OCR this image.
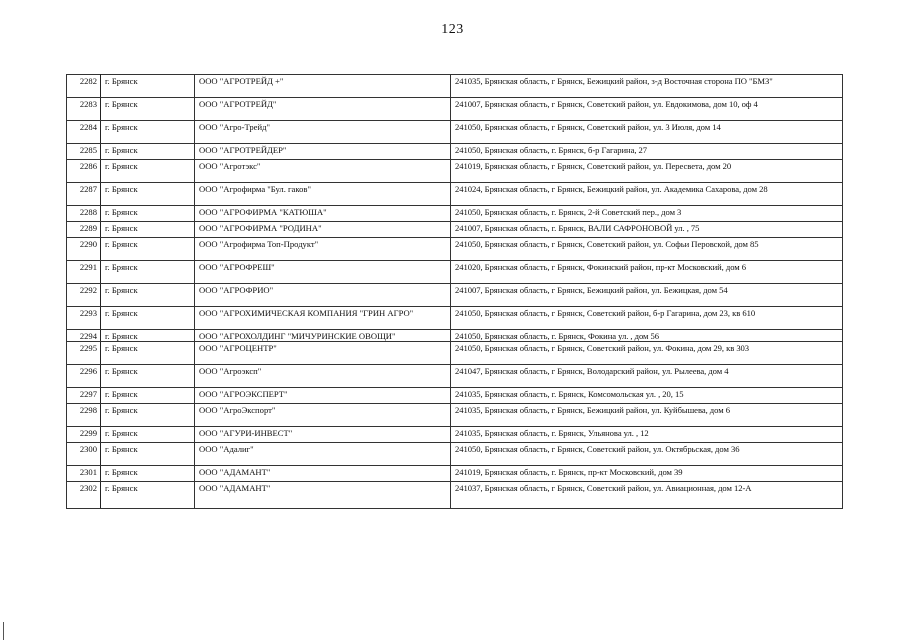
123
2282	г. Брянск	ООО "АГРОТРЕЙД +"	241035, Брянская область, г Брянск, Бежицкий район, з-д Восточная сторона ПО "БМЗ"
2283	г. Брянск	ООО "АГРОТРЕЙД"	241007, Брянская область, г Брянск, Советский район, ул. Евдокимова, дом 10, оф 4
2284	г. Брянск	ООО "Агро-Трейд"	241050, Брянская область, г Брянск, Советский район, ул. 3 Июля, дом 14
2285	г. Брянск	ООО "АГРОТРЕЙДЕР"	241050, Брянская область, г. Брянск, б-р Гагарина, 27
2286	г. Брянск	ООО "Агротэкс"	241019, Брянская область, г Брянск, Советский район, ул. Пересвета, дом 20
2287	г. Брянск	ООО "Агрофирма "Бул. гаков"	241024, Брянская область, г Брянск, Бежицкий район, ул. Академика Сахарова, дом 28
2288	г. Брянск	ООО "АГРОФИРМА "КАТЮША"	241050, Брянская область, г. Брянск, 2-й Советский пер., дом 3
2289	г. Брянск	ООО "АГРОФИРМА "РОДИНА"	241007, Брянская область, г. Брянск, ВАЛИ САФРОНОВОЙ ул. , 75
2290	г. Брянск	ООО "Агрофирма Топ-Продукт"	241050, Брянская область, г Брянск, Советский район, ул. Софьи Перовской, дом 85
2291	г. Брянск	ООО "АГРОФРЕШ"	241020, Брянская область, г Брянск, Фокинский район, пр-кт Московский, дом 6
2292	г. Брянск	ООО "АГРОФРИО"	241007, Брянская область, г Брянск, Бежицкий район, ул. Бежицкая, дом 54
2293	г. Брянск	ООО "АГРОХИМИЧЕСКАЯ КОМПАНИЯ "ГРИН АГРО"	241050, Брянская область, г Брянск, Советский район, б-р Гагарина, дом 23, кв 610
2294	г. Брянск	ООО "АГРОХОЛДИНГ "МИЧУРИНСКИЕ ОВОЩИ"	241050, Брянская область, г. Брянск, Фокина ул. , дом 56
2295	г. Брянск	ООО "АГРОЦЕНТР"	241050, Брянская область, г Брянск, Советский район, ул. Фокина, дом 29, кв 303
2296	г. Брянск	ООО "Агроэксп"	241047, Брянская область, г Брянск, Володарский район, ул. Рылеева, дом 4
2297	г. Брянск	ООО "АГРОЭКСПЕРТ"	241035, Брянская область, г. Брянск, Комсомольская ул. , 20, 15
2298	г. Брянск	ООО "АгроЭкспорт"	241035, Брянская область, г Брянск, Бежицкий район, ул. Куйбышева, дом 6
2299	г. Брянск	ООО "АГУРИ-ИНВЕСТ"	241035, Брянская область, г. Брянск, Ульянова ул. , 12
2300	г. Брянск	ООО "Адалиг"	241050, Брянская область, г Брянск, Советский район, ул. Октябрьская, дом 36
2301	г. Брянск	ООО "АДАМАНТ"	241019, Брянская область, г. Брянск, пр-кт Московский, дом 39
2302	г. Брянск	ООО "АДАМАНТ"	241037, Брянская область, г Брянск, Советский район, ул. Авиационная, дом 12-А
